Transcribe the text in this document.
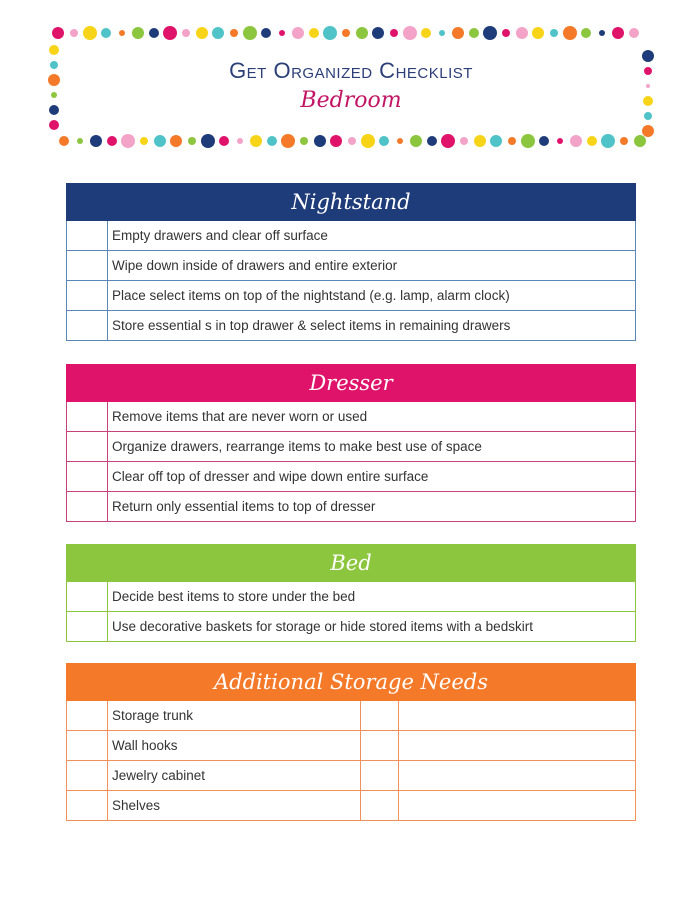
Get Organized Checklist
Bedroom
Nightstand
Empty drawers and clear off surface
Wipe down inside of drawers and entire exterior
Place select items on top of the nightstand (e.g. lamp, alarm clock)
Store essential s in top drawer & select items in remaining drawers
Dresser
Remove items that are never worn or used
Organize drawers, rearrange items to make best use of space
Clear off top of dresser and wipe down entire surface
Return only essential items to top of dresser
Bed
Decide best items to store under the bed
Use decorative baskets for storage or hide stored items with a bedskirt
Additional Storage Needs
Storage trunk
Wall hooks
Jewelry cabinet
Shelves
